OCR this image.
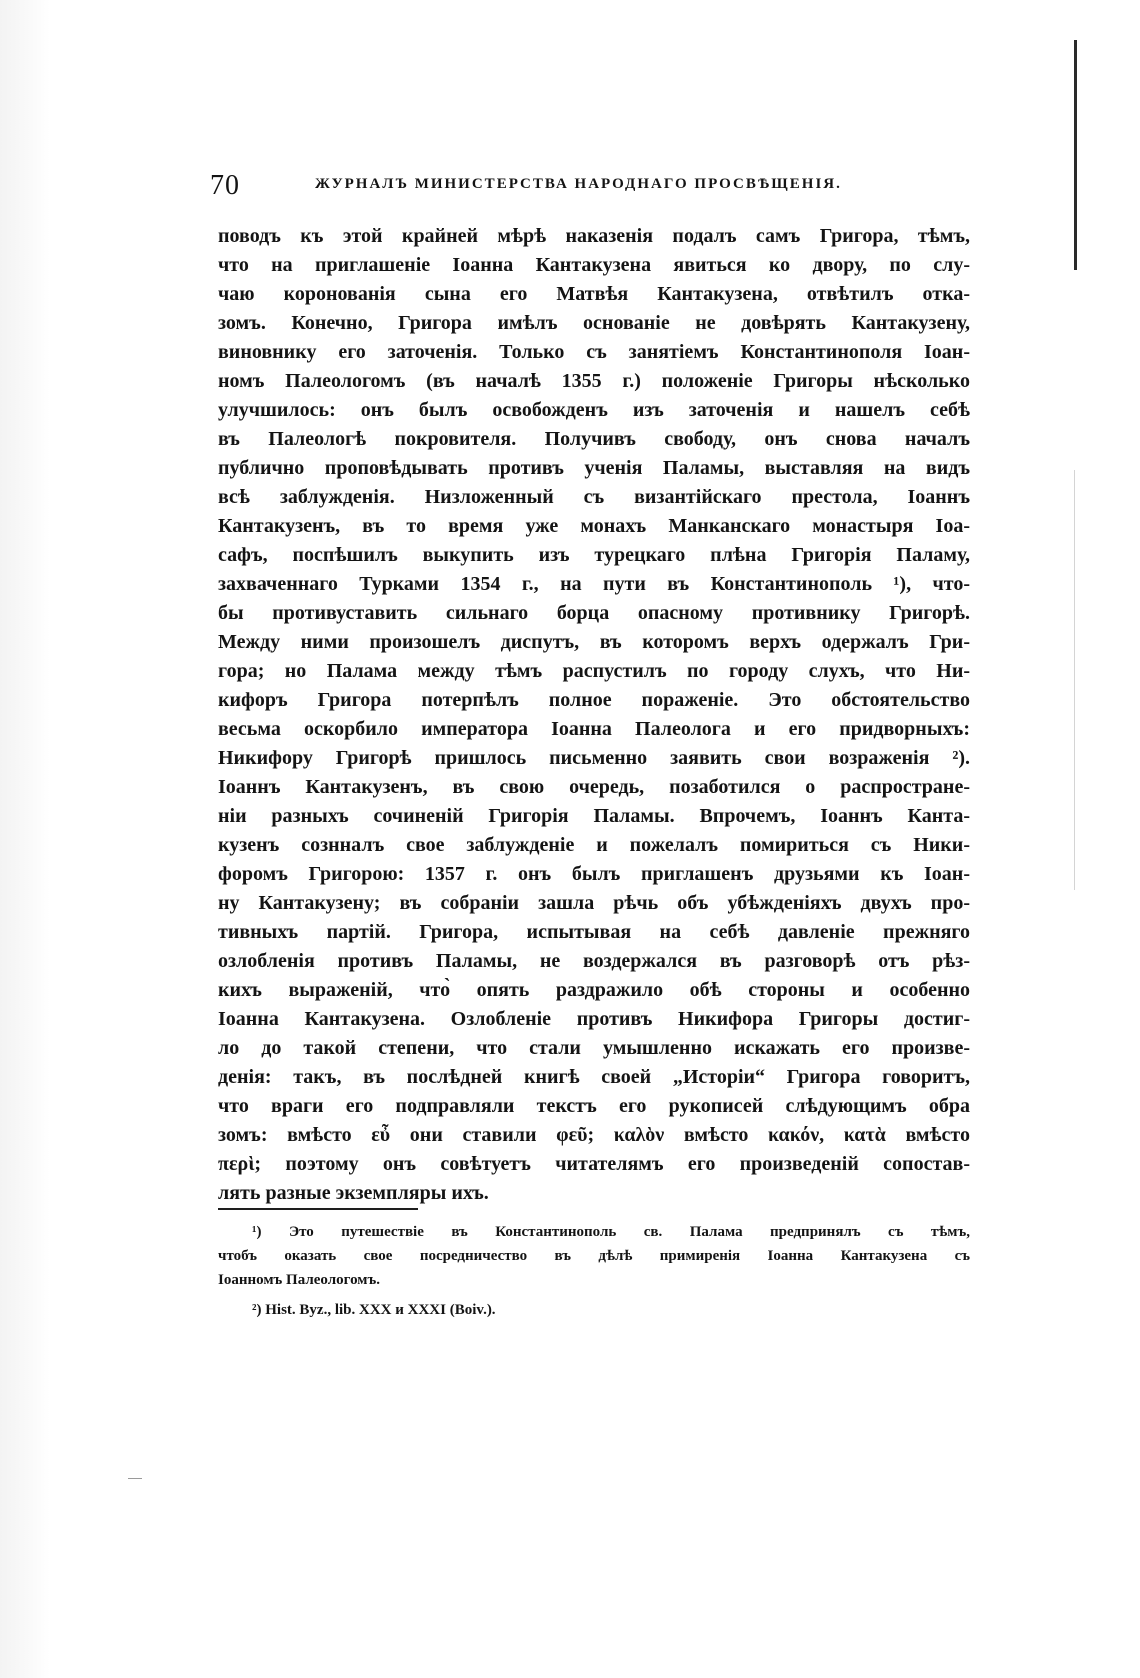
70	ЖУРНАЛЪ МИНИСТЕРСТВА НАРОДНАГО ПРОСВѢЩЕНІЯ.
поводъ къ этой крайней мѣрѣ наказенія подалъ самъ Григора, тѣмъ,
что на приглашеніе Іоанна Кантакузена явиться ко двору, по слу-
чаю коронованія сына его Матвѣя Кантакузена, отвѣтилъ отка-
зомъ. Конечно, Григора имѣлъ основаніе не довѣрять Кантакузену,
виновнику его заточенія. Только съ занятіемъ Константинополя Іоан-
номъ Палеологомъ (въ началѣ 1355 г.) положеніе Григоры нѣсколько
улучшилось: онъ былъ освобожденъ изъ заточенія и нашелъ себѣ
въ Палеологѣ покровителя. Получивъ свободу, онъ снова началъ
публично проповѣдывать противъ ученія Паламы, выставляя на видъ
всѣ заблужденія. Низложенный съ византійскаго престола, Іоаннъ
Кантакузенъ, въ то время уже монахъ Манканскаго монастыря Іоа-
сафъ, поспѣшилъ выкупить изъ турецкаго плѣна Григорія Паламу,
захваченнаго Турками 1354 г., на пути въ Константинополь ¹), что-
бы противуставить сильнаго борца опасному противнику Григорѣ.
Между ними произошелъ диспутъ, въ которомъ верхъ одержалъ Гри-
гора; но Палама между тѣмъ распустилъ по городу слухъ, что Ни-
кифоръ Григора потерпѣлъ полное пораженіе. Это обстоятельство
весьма оскорбило императора Іоанна Палеолога и его придворныхъ:
Никифору Григорѣ пришлось письменно заявить свои возраженія ²).
Іоаннъ Кантакузенъ, въ свою очередь, позаботился о распростране-
ніи разныхъ сочиненій Григорія Паламы. Впрочемъ, Іоаннъ Канта-
кузенъ сознналъ свое заблужденіе и пожелалъ помириться съ Ники-
форомъ Григорою: 1357 г. онъ былъ приглашенъ друзьями къ Іоан-
ну Кантакузену; въ собраніи зашла рѣчь объ убѣжденіяхъ двухъ про-
тивныхъ партій. Григора, испытывая на себѣ давленіе прежняго
озлобленія противъ Паламы, не воздержался въ разговорѣ отъ рѣз-
кихъ выраженій, что̀ опять раздражило обѣ стороны и особенно
Іоанна Кантакузена. Озлобленіе противъ Никифора Григоры достиг-
ло до такой степени, что стали умышленно искажать его произве-
денія: такъ, въ послѣдней книгѣ своей „Исторіи“ Григора говоритъ,
что враги его подправляли текстъ его рукописей слѣдующимъ обра
зомъ: вмѣсто εὖ они ставили φεῦ; καλὸν вмѣсто κακόν, κατὰ вмѣсто
περὶ; поэтому онъ совѣтуетъ читателямъ его произведеній сопостав-
лять разные экземпляры ихъ.
¹) Это путешествіе въ Константинополь св. Палама предпринялъ съ тѣмъ,
чтобъ оказать свое посредничество въ дѣлѣ примиренія Іоанна Кантакузена съ
Іоанномъ Палеологомъ.
²) Hist. Byz., lib. XXX и XXXI (Boiv.).
